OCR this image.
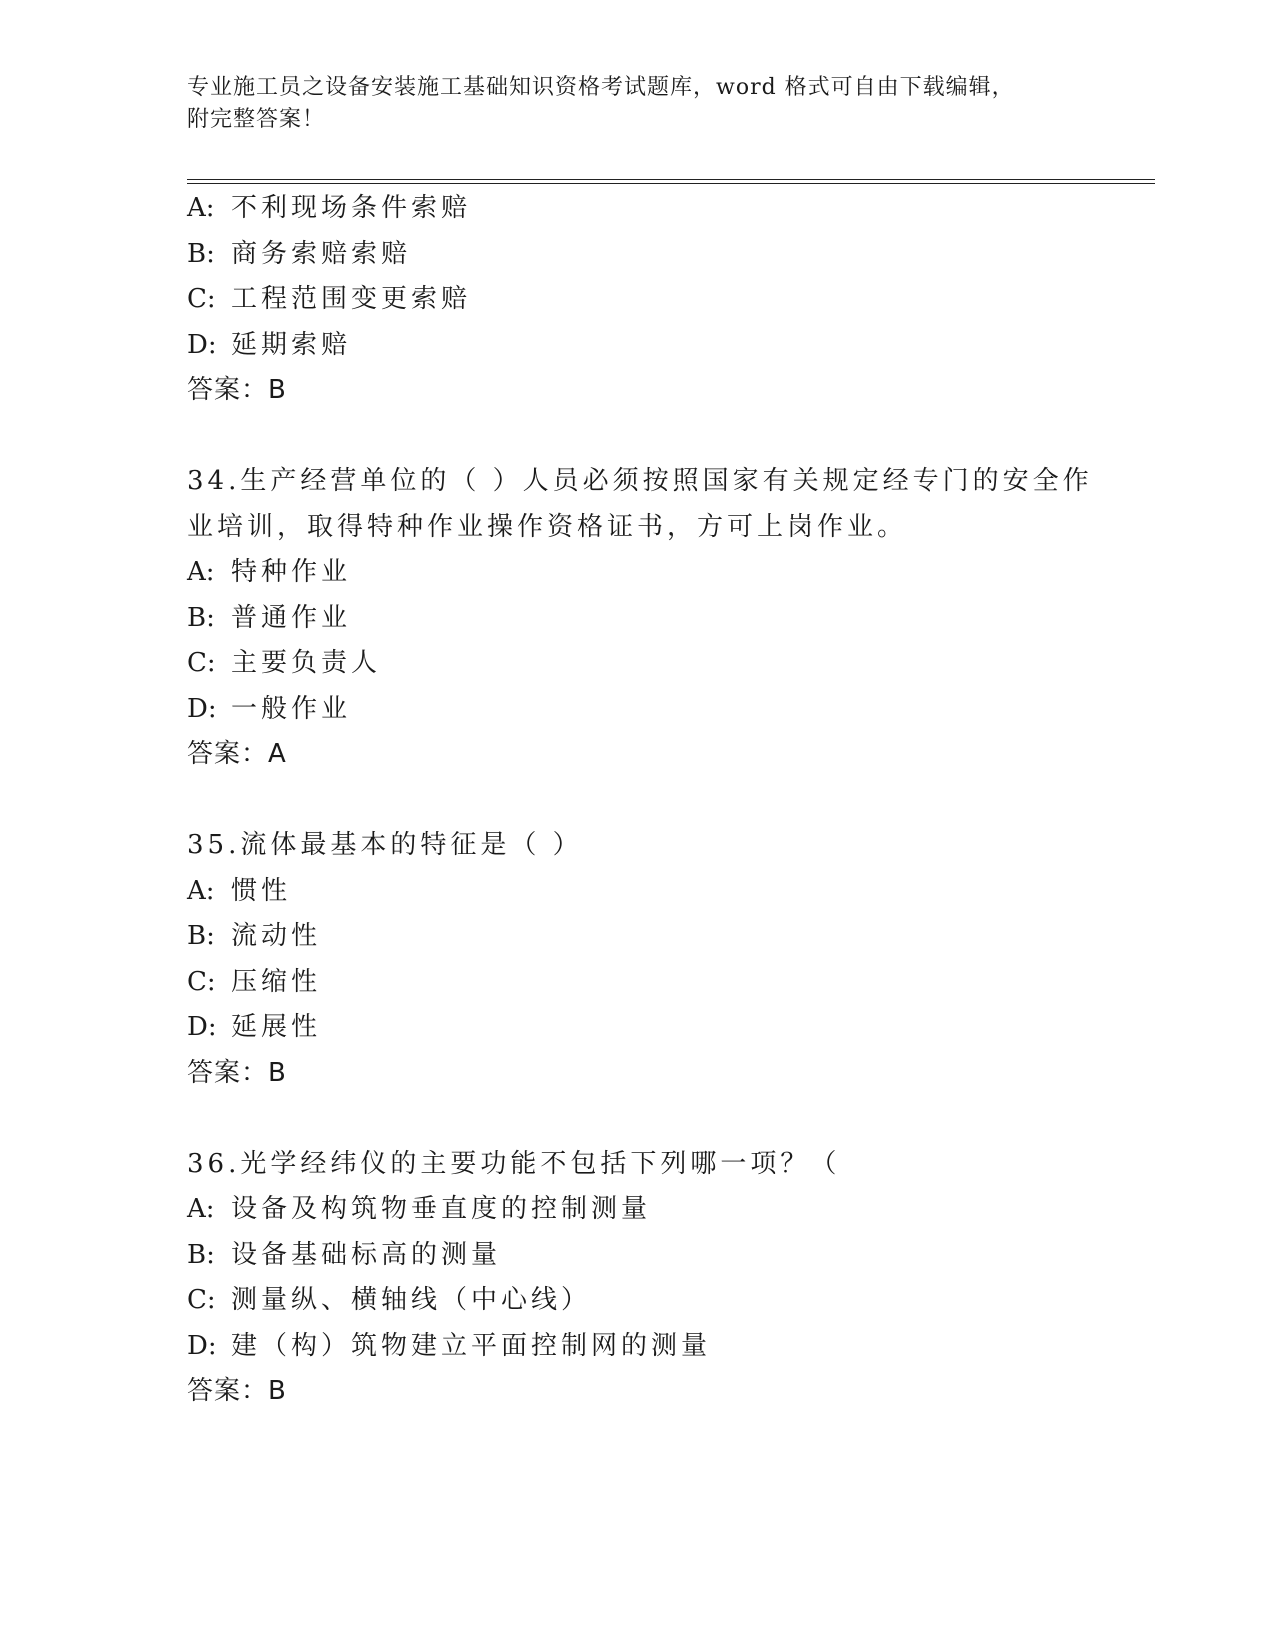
专业施工员之设备安装施工基础知识资格考试题库，word 格式可自由下载编辑，

附完整答案！

A: 不利现场条件索赔
B: 商务索赔索赔
C: 工程范围变更索赔
D: 延期索赔
答案：B
34.生产经营单位的（ ）人员必须按照国家有关规定经专门的安全作
业培训，取得特种作业操作资格证书，方可上岗作业。
A: 特种作业
B: 普通作业
C: 主要负责人
D: 一般作业
答案：A
35.流体最基本的特征是（ ）
A: 惯性
B: 流动性
C: 压缩性
D: 延展性
答案：B
36.光学经纬仪的主要功能不包括下列哪一项？（
A: 设备及构筑物垂直度的控制测量
B: 设备基础标高的测量
C: 测量纵、横轴线（中心线）
D: 建（构）筑物建立平面控制网的测量
答案：B
